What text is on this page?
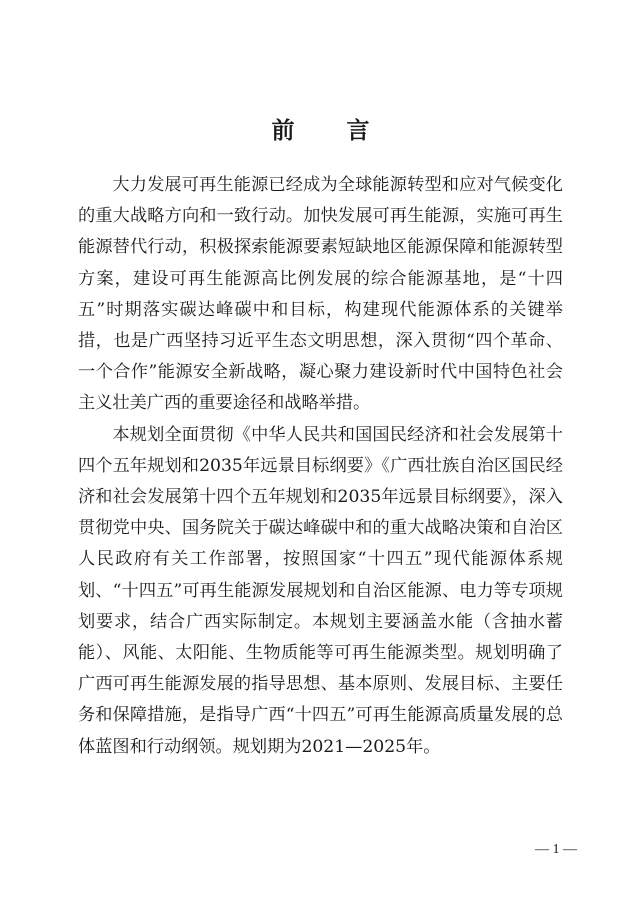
前 言

大力发展可再生能源已经成为全球能源转型和应对气候变化的重大战略方向和一致行动。加快发展可再生能源，实施可再生能源替代行动，积极探索能源要素短缺地区能源保障和能源转型方案，建设可再生能源高比例发展的综合能源基地，是“十四五”时期落实碳达峰碳中和目标，构建现代能源体系的关键举措，也是广西坚持习近平生态文明思想，深入贯彻“四个革命、一个合作”能源安全新战略，凝心聚力建设新时代中国特色社会主义壮美广西的重要途径和战略举措。

本规划全面贯彻《中华人民共和国国民经济和社会发展第十四个五年规划和2035年远景目标纲要》《广西壮族自治区国民经济和社会发展第十四个五年规划和2035年远景目标纲要》，深入贯彻党中央、国务院关于碳达峰碳中和的重大战略决策和自治区人民政府有关工作部署，按照国家“十四五”现代能源体系规划、“十四五”可再生能源发展规划和自治区能源、电力等专项规划要求，结合广西实际制定。本规划主要涵盖水能（含抽水蓄能）、风能、太阳能、生物质能等可再生能源类型。规划明确了广西可再生能源发展的指导思想、基本原则、发展目标、主要任务和保障措施，是指导广西“十四五”可再生能源高质量发展的总体蓝图和行动纲领。规划期为2021—2025年。

— 1 —
